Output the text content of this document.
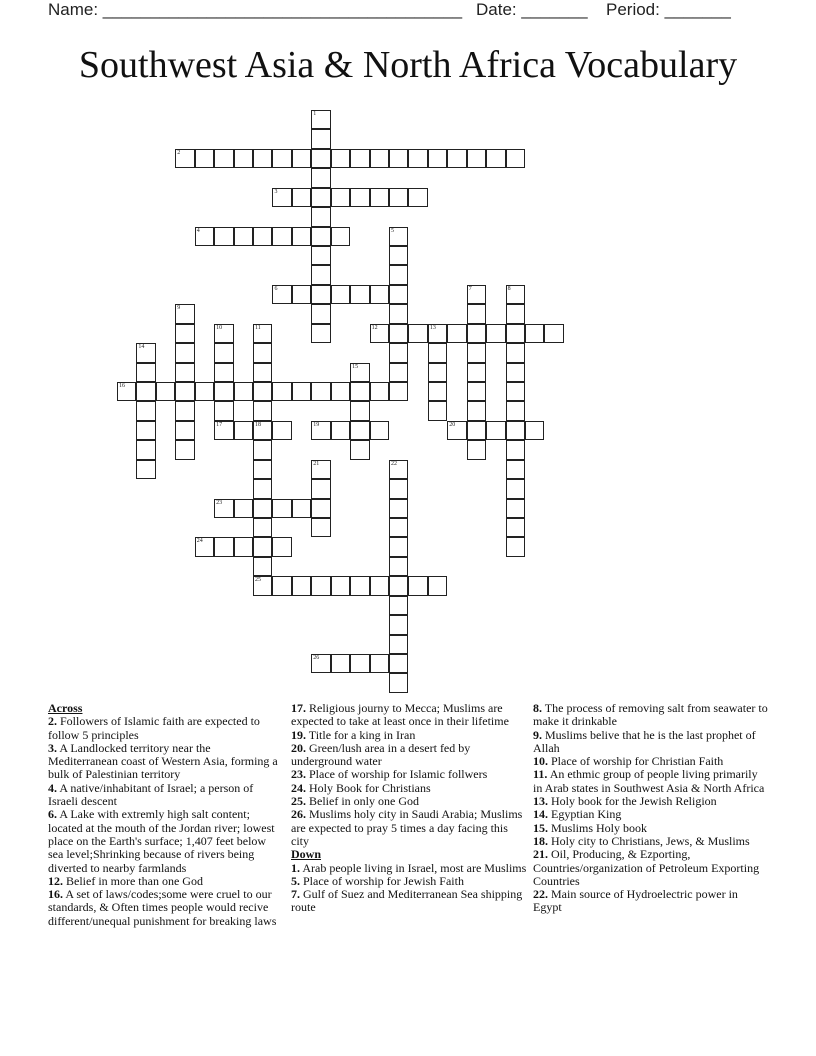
Name: ______________________________________ Date: _______ Period: _______
Southwest Asia & North Africa Vocabulary
1
2
3
4	5
6	7	8
9
10
17
11
18
12	13
14
15
16
25
19	20
21	22
23
24
26
Across
2. Followers of Islamic faith are expected to follow 5 principles
3. A Landlocked territory near the Mediterranean coast of Western Asia, forming a bulk of Palestinian territory
4. A native/inhabitant of Israel; a person of Israeli descent
6. A Lake with extremly high salt content; located at the mouth of the Jordan river; lowest place on the Earth's surface; 1,407 feet below sea level;Shrinking because of rivers being diverted to nearby farmlands
12. Belief in more than one God
16. A set of laws/codes;some were cruel to our standards, & Often times people would recive different/unequal punishment for breaking laws
17. Religious journy to Mecca; Muslims are expected to take at least once in their lifetime
19. Title for a king in Iran
20. Green/lush area in a desert fed by underground water
23. Place of worship for Islamic follwers
24. Holy Book for Christians
25. Belief in only one God
26. Muslims holy city in Saudi Arabia; Muslims are expected to pray 5 times a day facing this city
Down
1. Arab people living in Israel, most are Muslims
5. Place of worship for Jewish Faith
7. Gulf of Suez and Mediterranean Sea shipping route
8. The process of removing salt from seawater to make it drinkable
9. Muslims belive that he is the last prophet of Allah
10. Place of worship for Christian Faith
11. An ethmic group of people living primarily in Arab states in Southwest Asia & North Africa
13. Holy book for the Jewish Religion
14. Egyptian King
15. Muslims Holy book
18. Holy city to Christians, Jews, & Muslims
21. Oil, Producing, & Ezporting, Countries/organization of Petroleum Exporting Countries
22. Main source of Hydroelectric power in Egypt
